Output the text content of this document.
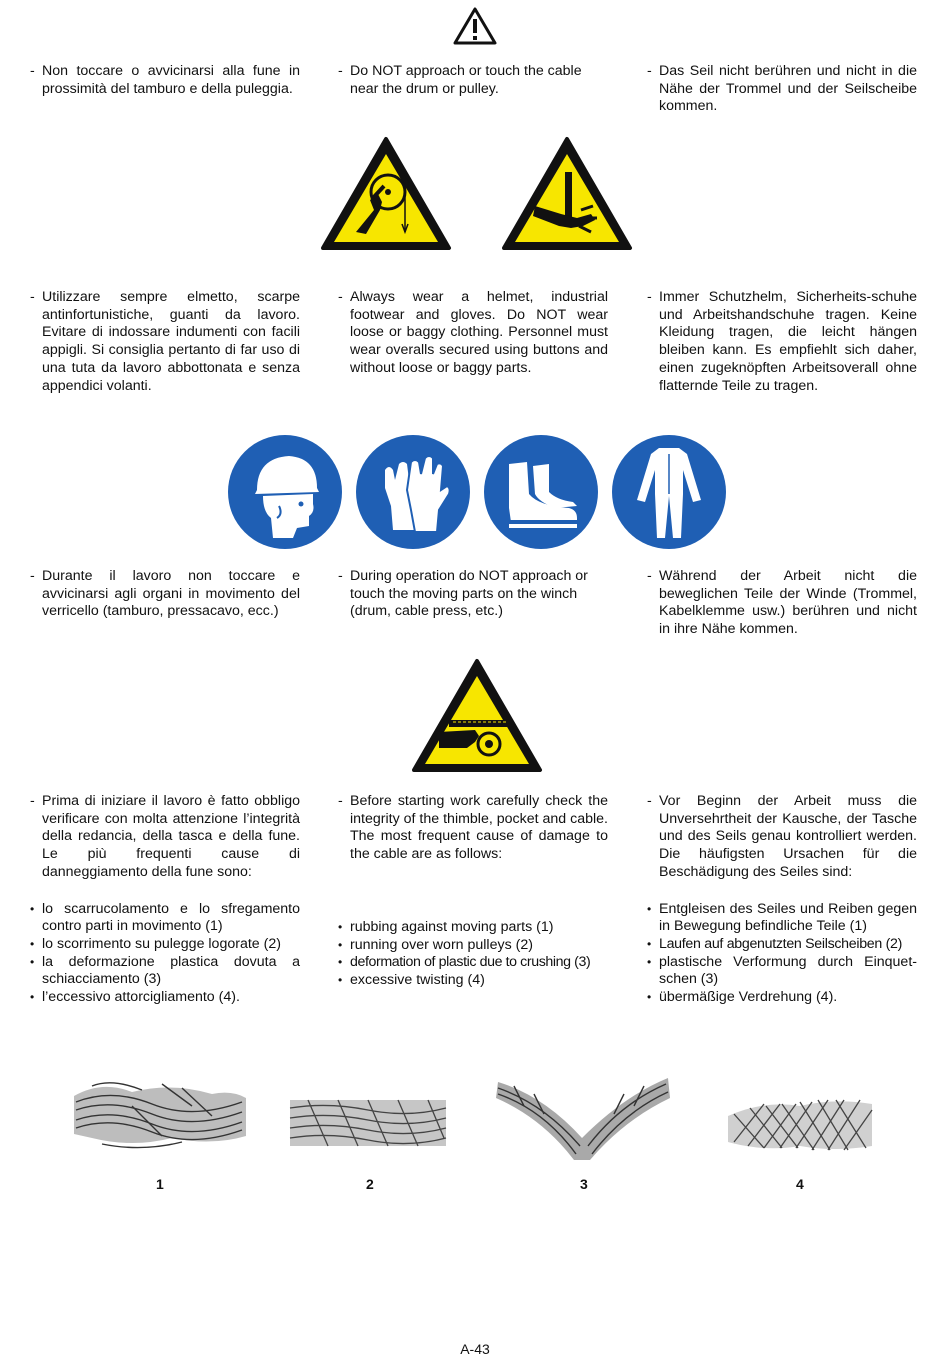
- Non toccare o avvicinarsi alla fune in prossimità del tamburo e della puleggia.
- Do NOT approach or touch the cable near the drum or pulley.
- Das Seil nicht berühren und nicht in die Nähe der Trommel und der Seilscheibe kommen.
- Utilizzare sempre elmetto, scarpe antinfortunistiche, guanti da lavoro. Evitare di indossare indumenti con facili appigli. Si consiglia pertanto di far uso di una tuta da lavoro abbottonata e senza appendici volanti.
- Always wear a helmet, industrial footwear and gloves. Do NOT wear loose or baggy clothing. Personnel must wear overalls secured using buttons and without loose or baggy parts.
- Immer Schutzhelm, Sicherheits-schuhe und Arbeitshandschuhe tragen. Keine Kleidung tragen, die leicht hängen bleiben kann. Es empfiehlt sich daher, einen zugeknöpften Arbeitsoverall ohne flatternde Teile zu tragen.
- Durante il lavoro non toccare e avvicinarsi agli organi in movimento del verricello (tamburo, pressacavo, ecc.)
- During operation do NOT approach or touch the moving parts on the winch (drum, cable press, etc.)
- Während der Arbeit nicht die beweglichen Teile der Winde (Trommel, Kabelklemme usw.) berühren und nicht in ihre Nähe kommen.
- Prima di iniziare il lavoro è fatto obbligo verificare con molta attenzione l’integrità della redancia, della tasca e della fune. Le più frequenti cause di danneggiamento della fune sono:
• lo scarrucolamento e lo sfregamento contro parti in movimento (1)
• lo scorrimento su pulegge logorate (2)
• la deformazione plastica dovuta a schiacciamento (3)
• l’eccessivo attorcigliamento (4).
- Before starting work carefully check the integrity of the thimble, pocket and cable. The most frequent cause of damage to the cable are as follows:
• rubbing against moving parts (1)
• running over worn pulleys (2)
• deformation of plastic due to crushing (3)
• excessive twisting (4)
- Vor Beginn der Arbeit muss die Unversehrtheit der Kausche, der Tasche und des Seils genau kontrolliert werden. Die häufigsten Ursachen für die Beschädigung des Seiles sind:
• Entgleisen des Seiles und Reiben gegen in Bewegung befindliche Teile (1)
• Laufen auf abgenutzten Seilscheiben (2)
• plastische Verformung durch Einquet-schen (3)
• übermäßige Verdrehung (4).
1	2	3	4
A-43
